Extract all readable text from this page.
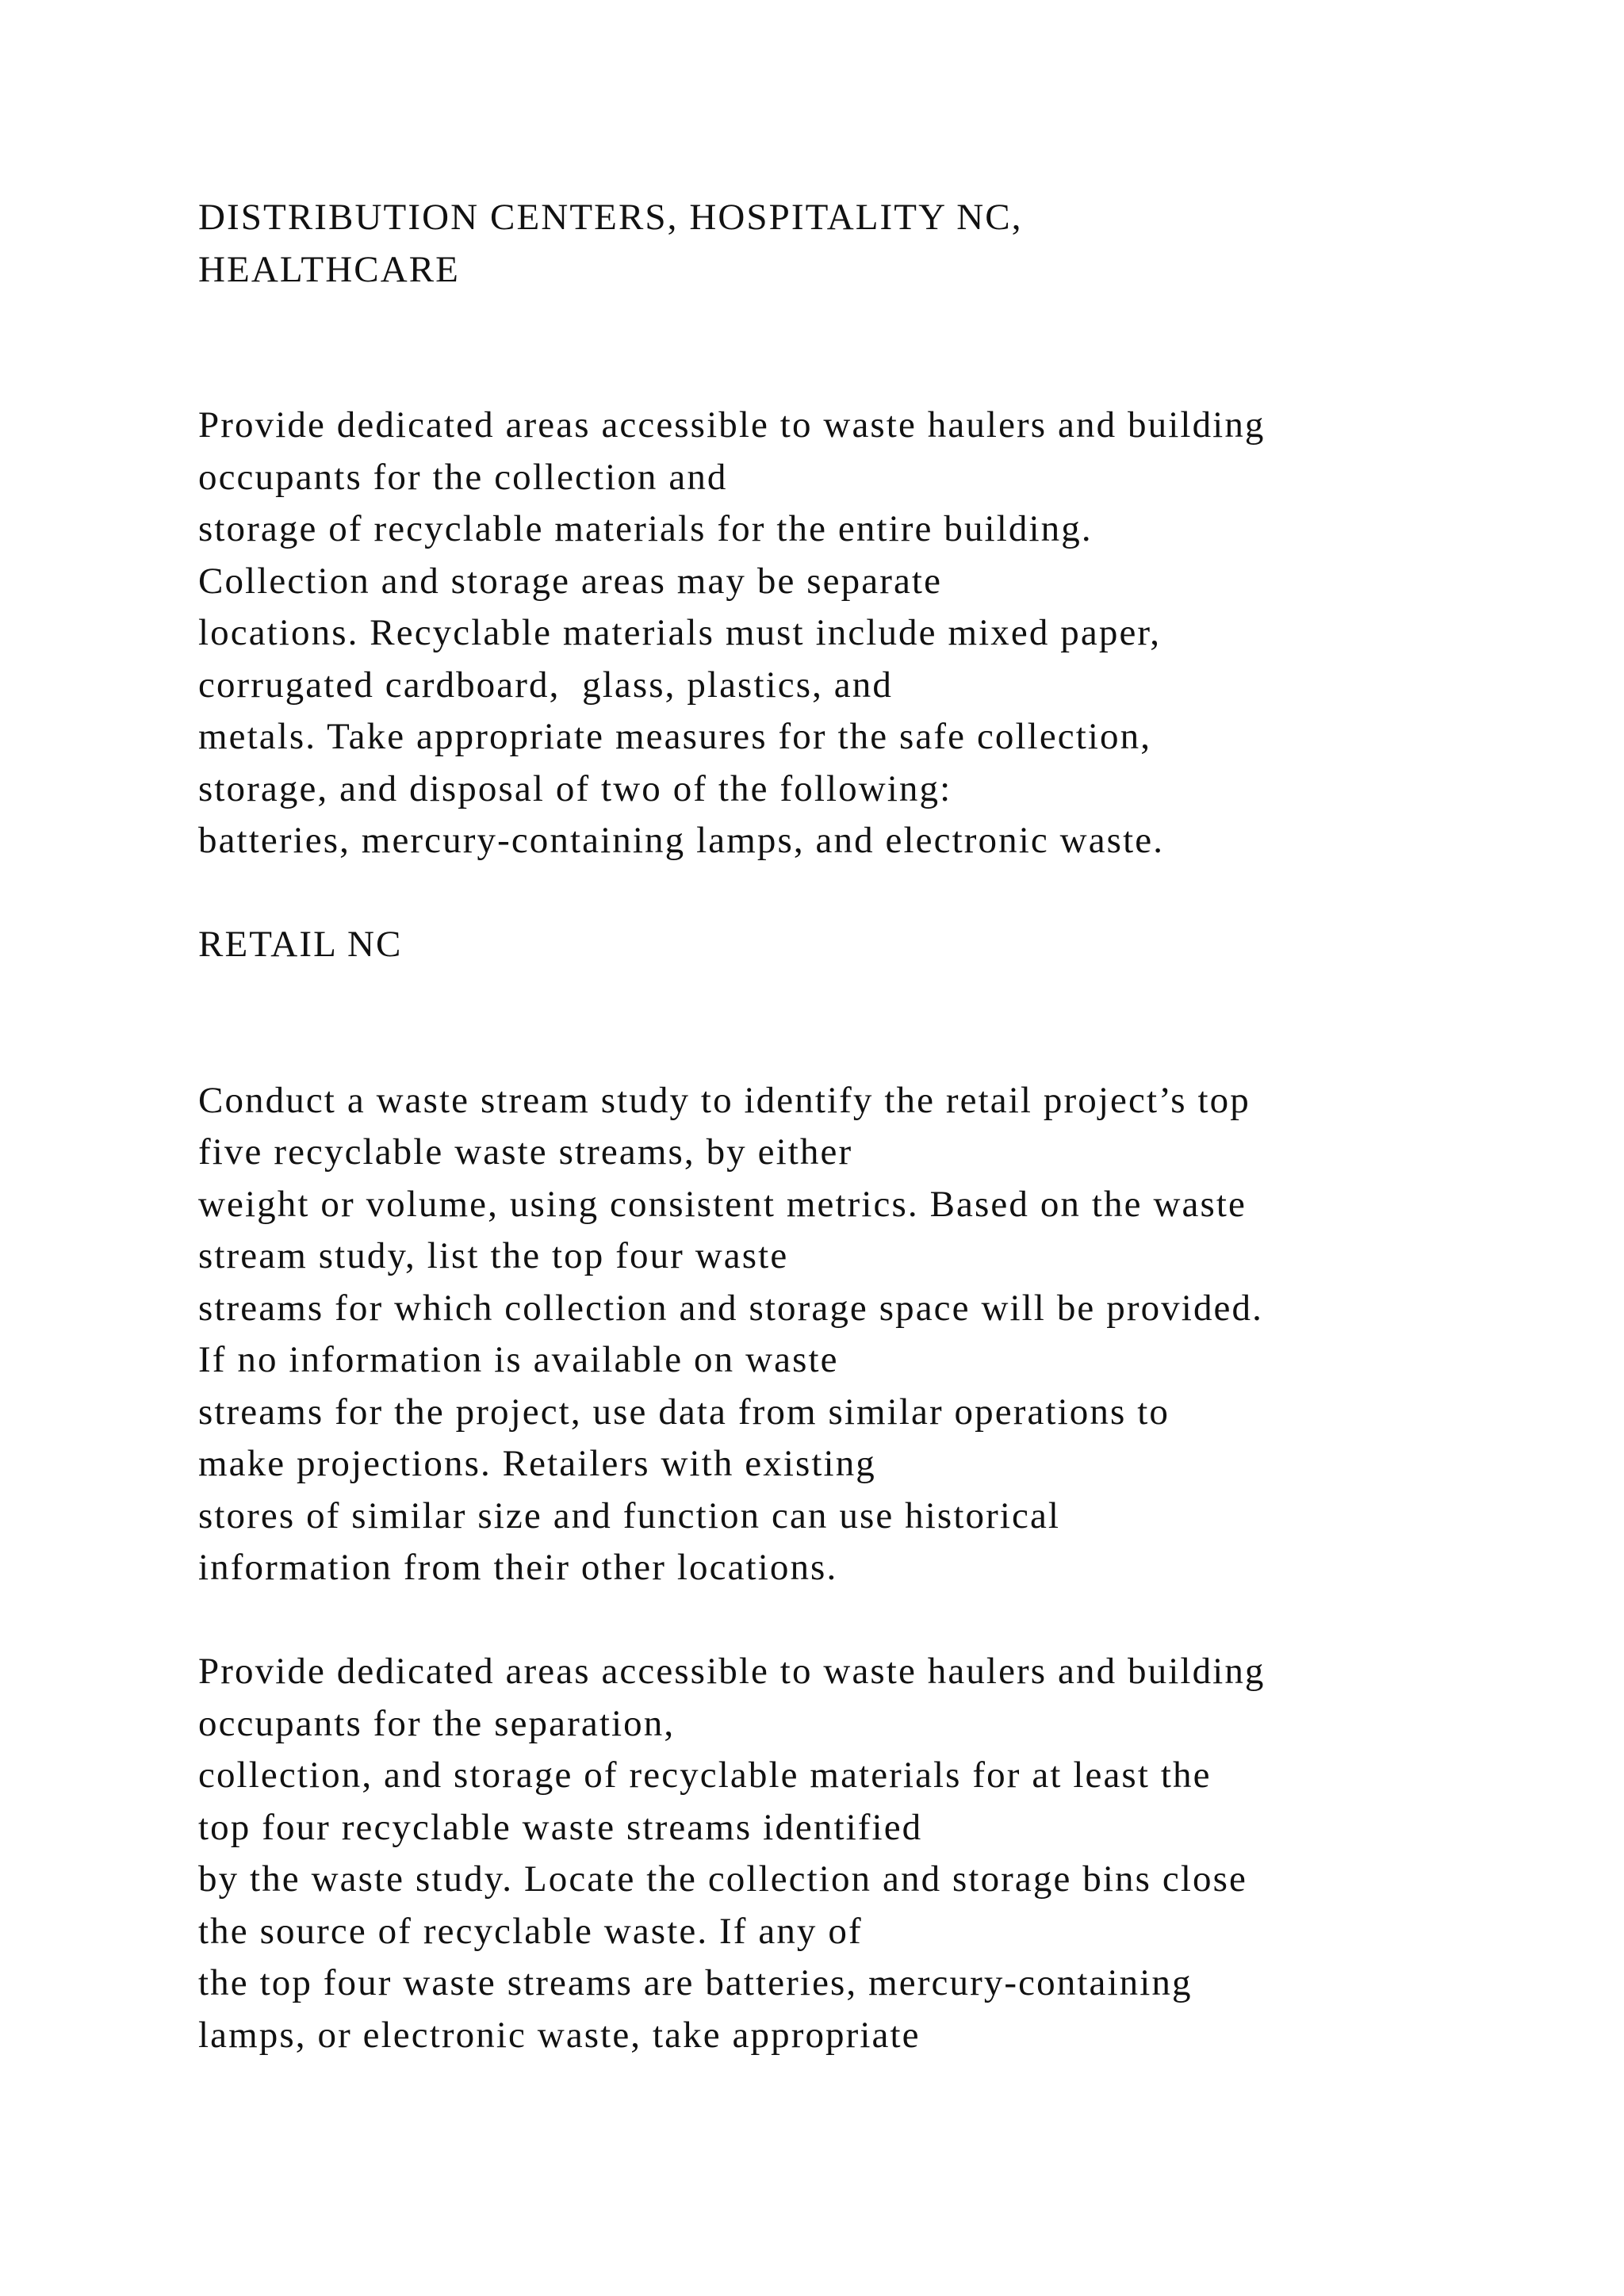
DISTRIBUTION CENTERS, HOSPITALITY NC,
HEALTHCARE
Provide dedicated areas accessible to waste haulers and building
occupants for the collection and
storage of recyclable materials for the entire building.
Collection and storage areas may be separate
locations. Recyclable materials must include mixed paper,
corrugated cardboard,  glass, plastics, and
metals. Take appropriate measures for the safe collection,
storage, and disposal of two of the following:
batteries, mercury-containing lamps, and electronic waste.
RETAIL NC
Conduct a waste stream study to identify the retail project’s top
five recyclable waste streams, by either
weight or volume, using consistent metrics. Based on the waste
stream study, list the top four waste
streams for which collection and storage space will be provided.
If no information is available on waste
streams for the project, use data from similar operations to
make projections. Retailers with existing
stores of similar size and function can use historical
information from their other locations.
Provide dedicated areas accessible to waste haulers and building
occupants for the separation,
collection, and storage of recyclable materials for at least the
top four recyclable waste streams identified
by the waste study. Locate the collection and storage bins close
the source of recyclable waste. If any of
the top four waste streams are batteries, mercury-containing
lamps, or electronic waste, take appropriate
